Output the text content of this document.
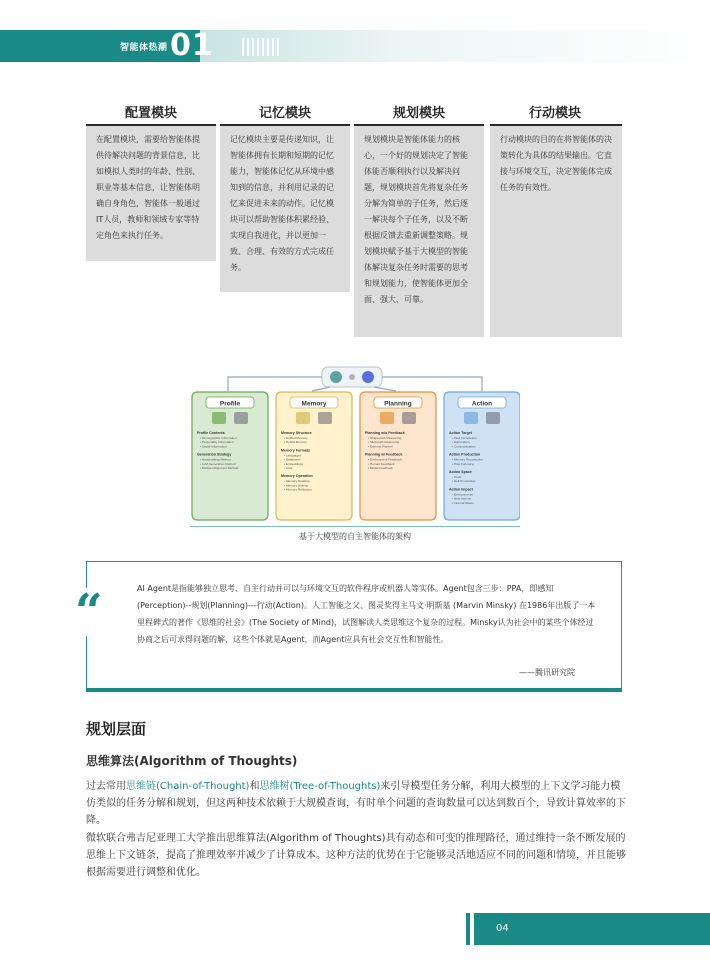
智能体热潮 01
配置模块
在配置模块，需要给智能体提供待解决问题的背景信息，比如模拟人类时的年龄、性别、职业等基本信息，让智能体明确自身角色，智能体一般通过IT人员，教师和领域专家等特定角色来执行任务。
记忆模块
记忆模块主要是传递知识，让智能体拥有长期和短期的记忆能力，智能体记忆从环境中感知到的信息，并利用记录的记忆来促进未来的动作。记忆模块可以帮助智能体积累经验、实现自我进化，并以更加一致、合理、有效的方式完成任务。
规划模块
规划模块是智能体能力的核心，一个好的规划决定了智能体能否顺利执行以及解决问题，规划模块首先将复杂任务分解为简单的子任务，然后逐一解决每个子任务，以及不断根据反馈去重新调整策略。规划模块赋予基于大模型的智能体解决复杂任务时需要的思考和规划能力，使智能体更加全面、强大、可靠。
行动模块
行动模块的目的在将智能体的决策转化为具体的结果输出。它直接与环境交互，决定智能体完成任务的有效性。
Profile
Profile Contents
• Demographic Information
• Personality Information
• Social Information
Generation Strategy
• Handcrafting Method
• LLM-Generation Method
• Dataset Alignment Method
Memory
Memory Structure
• Unified Memory
• Hybrid Memory
Memory Formats
• Languages
• Databases
• Embeddings
• Lists
Memory Operation
• Memory Reading
• Memory Writing
• Memory Reflection
Planning
Planning w/o Feedback
• Single-path Reasoning
• Multi-path Reasoning
• External Planner
Planning w/ Feedback
• Environment Feedback
• Human Feedback
• Model Feedback
Action
Action Target
• Task Completion
• Exploration
• Communication
Action Production
• Memory Recollection
• Plan Following
Action Space
• Tools
• Self-Knowledge
Action Impact
• Environments
• New Actions
• Internal States
基于大模型的自主智能体的架构
“	AI Agent是指能够独立思考、自主行动并可以与环境交互的软件程序或机器人等实体。Agent包含三步：PPA，即感知(Perception)--规划(Planning)---行动(Action)。人工智能之父、图灵奖得主马文·明斯基 (Marvin Minsky) 在1986年出版了一本里程碑式的著作《思维的社会》(The Society of Mind)，试图解读人类思维这个复杂的过程。Minsky认为社会中的某些个体经过协商之后可求得问题的解，这些个体就是Agent，而Agent应具有社会交互性和智能性。
——腾讯研究院
规划层面
思维算法(Algorithm of Thoughts)
过去常用思维链(Chain-of-Thought)和思维树(Tree-of-Thoughts)来引导模型任务分解，利用大模型的上下文学习能力模仿类似的任务分解和规划，但这两种技术依赖于大规模查询，有时单个问题的查询数量可以达到数百个，导致计算效率的下降。
微软联合弗吉尼亚理工大学推出思维算法(Algorithm of Thoughts)具有动态和可变的推理路径，通过维持一条不断发展的思维上下文链条，提高了推理效率并减少了计算成本。这种方法的优势在于它能够灵活地适应不同的问题和情境，并且能够根据需要进行调整和优化。
04
